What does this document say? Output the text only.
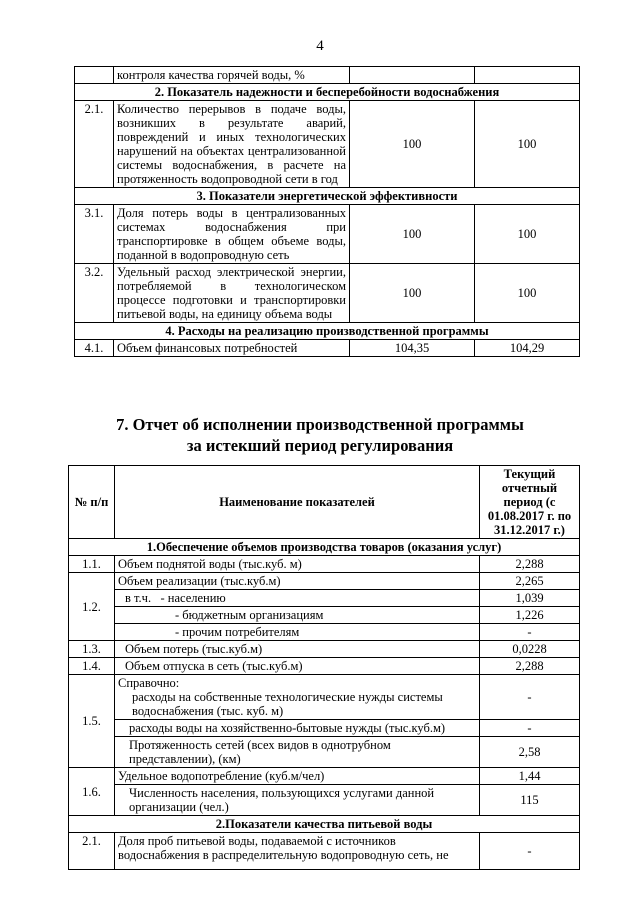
4
	контроля качества горячей воды, %		
2. Показатель надежности и бесперебойности водоснабжения			
2.1.	Количество перерывов в подаче воды, возникших в результате аварий, повреждений и иных технологических нарушений на объектах централизованной системы водоснабжения, в расчете на протяженность водопроводной сети в год	100	100
3. Показатели энергетической эффективности			
3.1.	Доля потерь воды в централизованных системах водоснабжения при транспортировке в общем объеме воды, поданной в водопроводную сеть	100	100
3.2.	Удельный расход электрической энергии, потребляемой в технологическом процессе подготовки и транспортировки питьевой воды, на единицу объема воды	100	100
4. Расходы на реализацию производственной программы			
4.1.	Объем финансовых потребностей	104,35	104,29
7. Отчет об исполнении производственной программы
за истекший период регулирования
№ п/п	Наименование показателей	Текущий отчетный период (с 01.08.2017 г. по 31.12.2017 г.)
1.Обеспечение объемов производства товаров (оказания услуг)		
1.1.	Объем поднятой воды (тыс.куб. м)	2,288
1.2.	Объем реализации (тыс.куб.м)	2,265
	в т.ч. - населению	1,039
	- бюджетным организациям	1,226
	- прочим потребителям	-
1.3.	Объем потерь (тыс.куб.м)	0,0228
1.4.	Объем отпуска в сеть (тыс.куб.м)	2,288
1.5.	Справочно:
расходы на собственные технологические нужды системы водоснабжения (тыс. куб. м)	-
	расходы воды на хозяйственно-бытовые нужды (тыс.куб.м)	-
	Протяженность сетей (всех видов в однотрубном представлении), (км)	2,58
1.6.	Удельное водопотребление (куб.м/чел)	1,44
	Численность населения, пользующихся услугами данной организации (чел.)	115
2.Показатели качества питьевой воды		
2.1.	Доля проб питьевой воды, подаваемой с источников водоснабжения в распределительную водопроводную сеть, не	-
